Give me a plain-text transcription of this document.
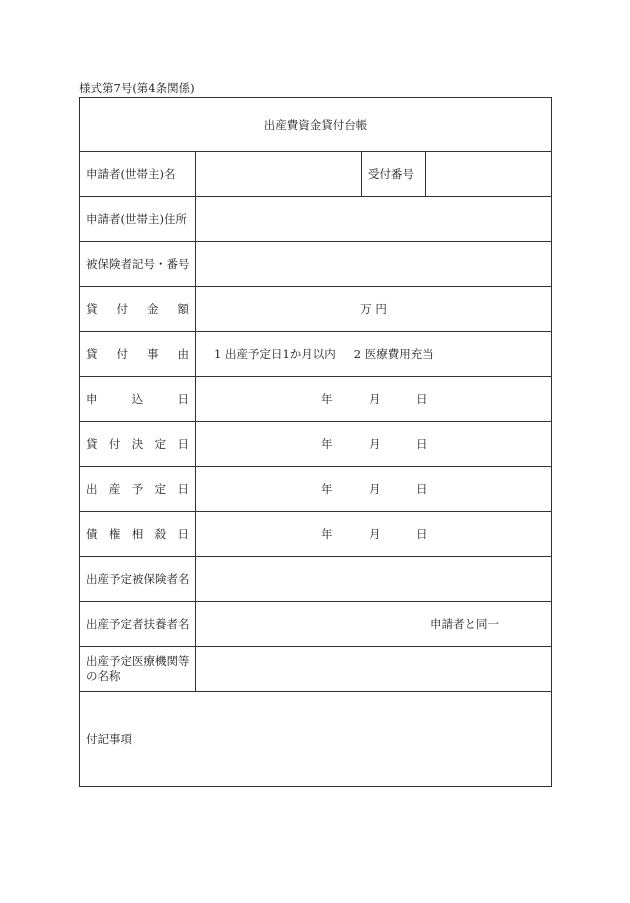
様式第7号(第4条関係)
出産費資金貸付台帳			
申請者(世帯主)名		受付番号	
申請者(世帯主)住所			
被保険者記号・番号			

貸 付 金 額	万 円		

貸 付 事 由	1 出産予定日1か月以内 2 医療費用充当		

申 込 日	年 月 日		

貸 付 決 定 日	年 月 日		

出 産 予 定 日	年 月 日		

債 権 相 殺 日	年 月 日		

出産予定被保険者名			
出産予定者扶養者名	申請者と同一		

出産予定医療機関等
の名称			

付記事項			
